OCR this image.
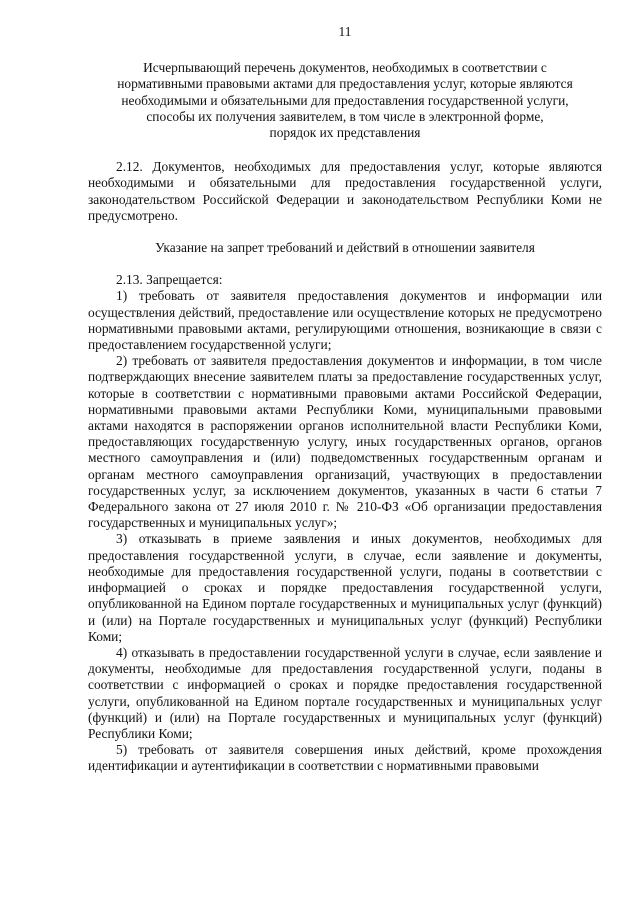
11
Исчерпывающий перечень документов, необходимых в соответствии с
нормативными правовыми актами для предоставления услуг, которые являются
необходимыми и обязательными для предоставления государственной услуги,
способы их получения заявителем, в том числе в электронной форме,
порядок их представления

2.12. Документов, необходимых для предоставления услуг, которые являются необходимыми и обязательными для предоставления государственной услуги, законодательством Российской Федерации и законодательством Республики Коми не предусмотрено.

Указание на запрет требований и действий в отношении заявителя

2.13. Запрещается:

1) требовать от заявителя предоставления документов и информации или осуществления действий, предоставление или осуществление которых не предусмотрено нормативными правовыми актами, регулирующими отношения, возникающие в связи с предоставлением государственной услуги;

2) требовать от заявителя предоставления документов и информации, в том числе подтверждающих внесение заявителем платы за предоставление государственных услуг, которые в соответствии с нормативными правовыми актами Российской Федерации, нормативными правовыми актами Республики Коми, муниципальными правовыми актами находятся в распоряжении органов исполнительной власти Республики Коми, предоставляющих государственную услугу, иных государственных органов, органов местного самоуправления и (или) подведомственных государственным органам и органам местного самоуправления организаций, участвующих в предоставлении государственных услуг, за исключением документов, указанных в части 6 статьи 7 Федерального закона от 27 июля 2010 г. № 210-ФЗ «Об организации предоставления государственных и муниципальных услуг»;

3) отказывать в приеме заявления и иных документов, необходимых для предоставления государственной услуги, в случае, если заявление и документы, необходимые для предоставления государственной услуги, поданы в соответствии с информацией о сроках и порядке предоставления государственной услуги, опубликованной на Едином портале государственных и муниципальных услуг (функций) и (или) на Портале государственных и муниципальных услуг (функций) Республики Коми;

4) отказывать в предоставлении государственной услуги в случае, если заявление и документы, необходимые для предоставления государственной услуги, поданы в соответствии с информацией о сроках и порядке предоставления государственной услуги, опубликованной на Едином портале государственных и муниципальных услуг (функций) и (или) на Портале государственных и муниципальных услуг (функций) Республики Коми;

5) требовать от заявителя совершения иных действий, кроме прохождения идентификации и аутентификации в соответствии с нормативными правовыми
